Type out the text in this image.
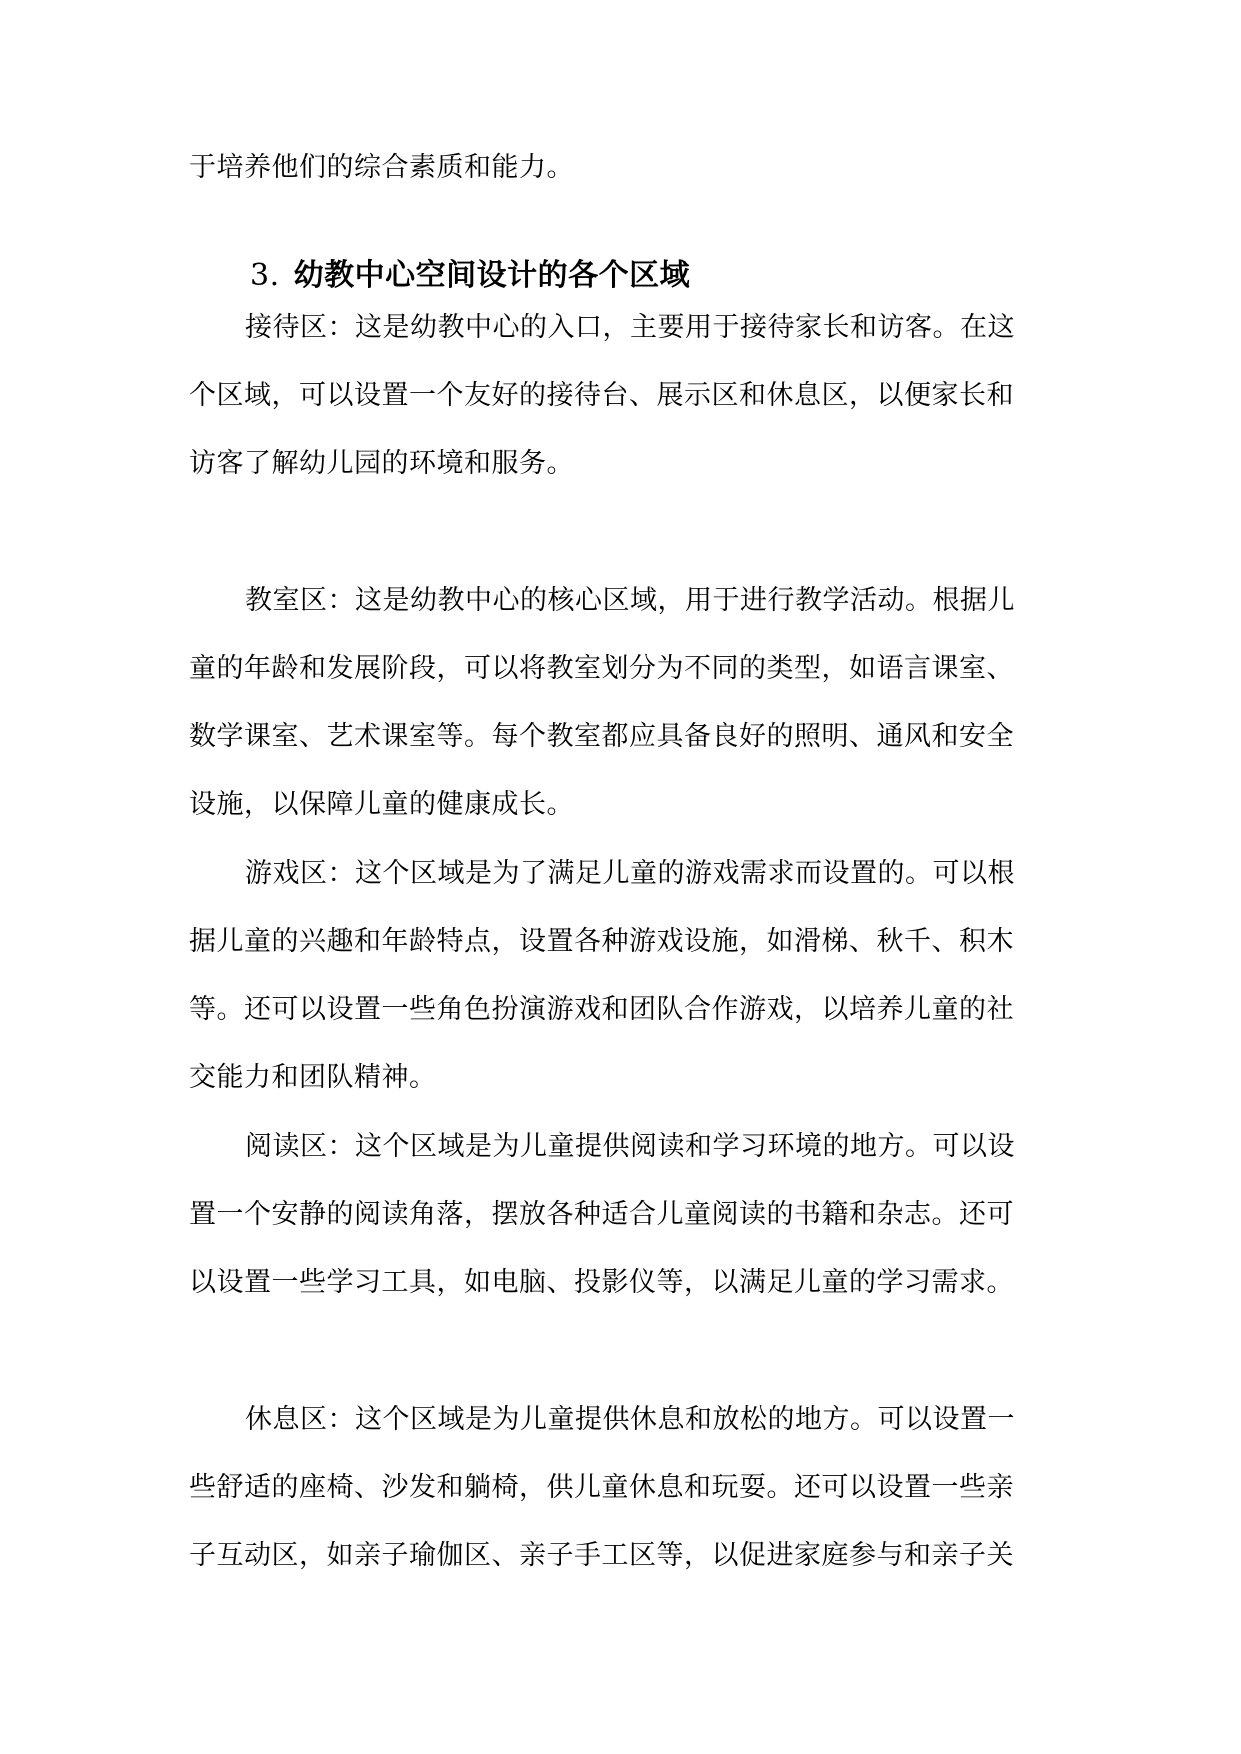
于培养他们的综合素质和能力。
3. 幼教中心空间设计的各个区域
接待区：这是幼教中心的入口，主要用于接待家长和访客。在这
个区域，可以设置一个友好的接待台、展示区和休息区，以便家长和
访客了解幼儿园的环境和服务。
教室区：这是幼教中心的核心区域，用于进行教学活动。根据儿
童的年龄和发展阶段，可以将教室划分为不同的类型，如语言课室、
数学课室、艺术课室等。每个教室都应具备良好的照明、通风和安全
设施，以保障儿童的健康成长。
游戏区：这个区域是为了满足儿童的游戏需求而设置的。可以根
据儿童的兴趣和年龄特点，设置各种游戏设施，如滑梯、秋千、积木
等。还可以设置一些角色扮演游戏和团队合作游戏，以培养儿童的社
交能力和团队精神。
阅读区：这个区域是为儿童提供阅读和学习环境的地方。可以设
置一个安静的阅读角落，摆放各种适合儿童阅读的书籍和杂志。还可
以设置一些学习工具，如电脑、投影仪等，以满足儿童的学习需求。
休息区：这个区域是为儿童提供休息和放松的地方。可以设置一
些舒适的座椅、沙发和躺椅，供儿童休息和玩耍。还可以设置一些亲
子互动区，如亲子瑜伽区、亲子手工区等，以促进家庭参与和亲子关
